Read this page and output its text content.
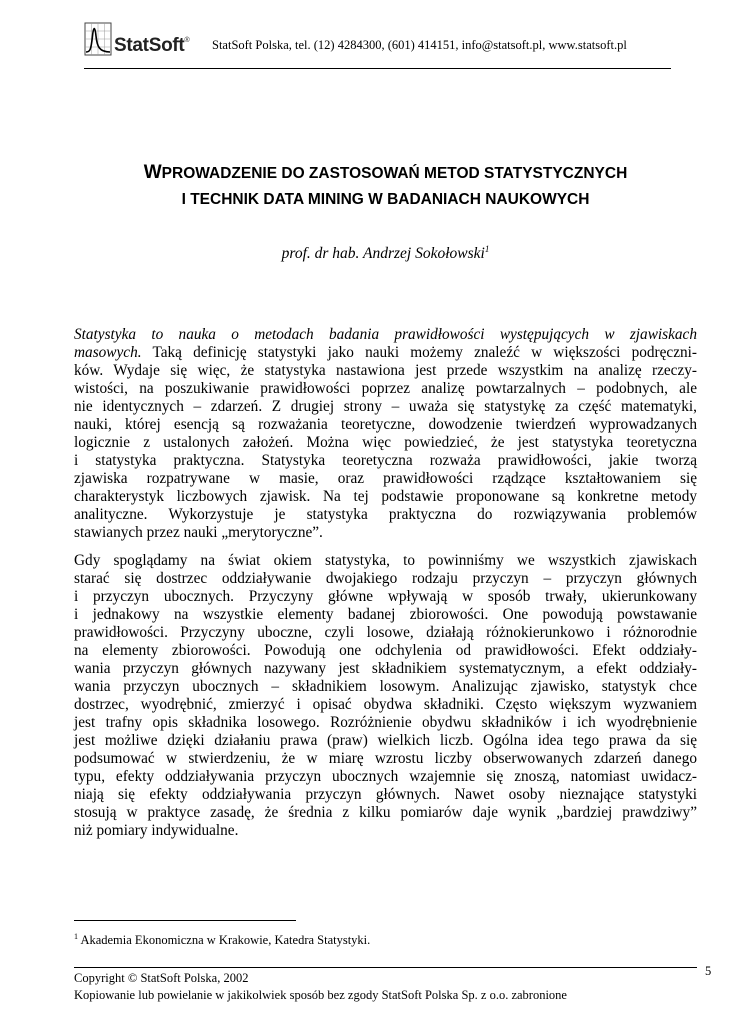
StatSoft® StatSoft Polska, tel. (12) 4284300, (601) 414151, info@statsoft.pl, www.statsoft.pl
WPROWADZENIE DO ZASTOSOWAŃ METOD STATYSTYCZNYCH
I TECHNIK DATA MINING W BADANIACH NAUKOWYCH
prof. dr hab. Andrzej Sokołowski$^1$

Statystyka to nauka o metodach badania prawidłowości występujących w zjawiskach
masowych. Taką definicję statystyki jako nauki możemy znaleźć w większości podręczni-
ków. Wydaje się więc, że statystyka nastawiona jest przede wszystkim na analizę rzeczy-
wistości, na poszukiwanie prawidłowości poprzez analizę powtarzalnych – podobnych, ale
nie identycznych – zdarzeń. Z drugiej strony – uważa się statystykę za część matematyki,
nauki, której esencją są rozważania teoretyczne, dowodzenie twierdzeń wyprowadzanych
logicznie z ustalonych założeń. Można więc powiedzieć, że jest statystyka teoretyczna
i statystyka praktyczna. Statystyka teoretyczna rozważa prawidłowości, jakie tworzą
zjawiska rozpatrywane w masie, oraz prawidłowości rządzące kształtowaniem się
charakterystyk liczbowych zjawisk. Na tej podstawie proponowane są konkretne metody
analityczne. Wykorzystuje je statystyka praktyczna do rozwiązywania problemów
stawianych przez nauki „merytoryczne”.

Gdy spoglądamy na świat okiem statystyka, to powinniśmy we wszystkich zjawiskach
starać się dostrzec oddziaływanie dwojakiego rodzaju przyczyn – przyczyn głównych
i przyczyn ubocznych. Przyczyny główne wpływają w sposób trwały, ukierunkowany
i jednakowy na wszystkie elementy badanej zbiorowości. One powodują powstawanie
prawidłowości. Przyczyny uboczne, czyli losowe, działają różnokierunkowo i różnorodnie
na elementy zbiorowości. Powodują one odchylenia od prawidłowości. Efekt oddziały-
wania przyczyn głównych nazywany jest składnikiem systematycznym, a efekt oddziały-
wania przyczyn ubocznych – składnikiem losowym. Analizując zjawisko, statystyk chce
dostrzec, wyodrębnić, zmierzyć i opisać obydwa składniki. Często większym wyzwaniem
jest trafny opis składnika losowego. Rozróżnienie obydwu składników i ich wyodrębnienie
jest możliwe dzięki działaniu prawa (praw) wielkich liczb. Ogólna idea tego prawa da się
podsumować w stwierdzeniu, że w miarę wzrostu liczby obserwowanych zdarzeń danego
typu, efekty oddziaływania przyczyn ubocznych wzajemnie się znoszą, natomiast uwidacz-
niają się efekty oddziaływania przyczyn głównych. Nawet osoby nieznające statystyki
stosują w praktyce zasadę, że średnia z kilku pomiarów daje wynik „bardziej prawdziwy”
niż pomiary indywidualne.

$^1$ Akademia Ekonomiczna w Krakowie, Katedra Statystyki.
5
Copyright © StatSoft Polska, 2002
Kopiowanie lub powielanie w jakikolwiek sposób bez zgody StatSoft Polska Sp. z o.o. zabronione
